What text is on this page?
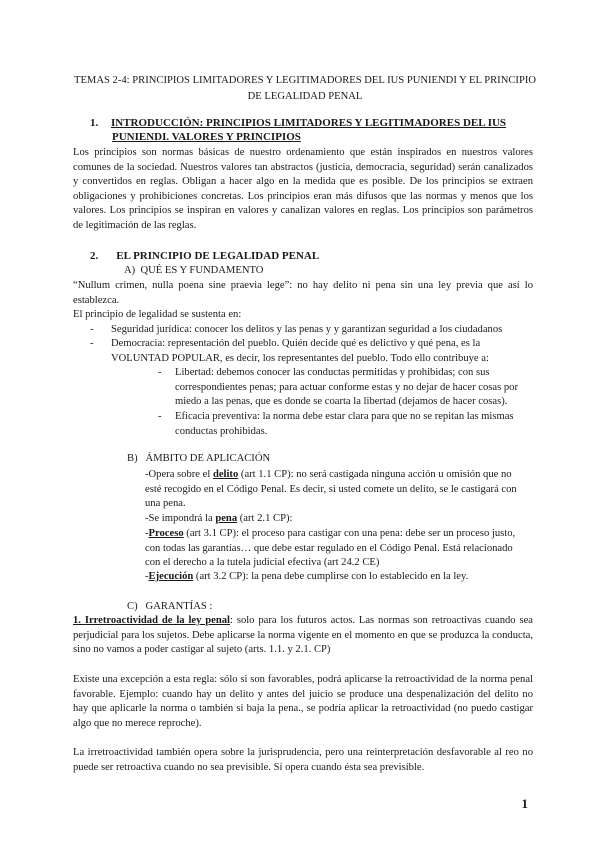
TEMAS 2-4: PRINCIPIOS LIMITADORES Y LEGITIMADORES DEL IUS PUNIENDI Y EL PRINCIPIO DE LEGALIDAD PENAL
1.	INTRODUCCIÓN: PRINCIPIOS LIMITADORES Y LEGITIMADORES DEL IUS PUNIENDI. VALORES Y PRINCIPIOS
Los principios son normas básicas de nuestro ordenamiento que están inspirados en nuestros valores comunes de la sociedad. Nuestros valores tan abstractos (justicia, democracia, seguridad) serán canalizados y convertidos en reglas. Obligan a hacer algo en la medida que es posible. De los principios se extraen obligaciones y prohibiciones concretas. Los principios eran más difusos que las normas y menos que los valores. Los principios se inspiran en valores y canalizan valores en reglas. Los principios son parámetros de legitimación de las reglas.
2. EL PRINCIPIO DE LEGALIDAD PENAL
A) QUÉ ES Y FUNDAMENTO
“Nullum crimen, nulla poena sine praevia lege”: no hay delito ni pena sin una ley previa que así lo establezca.
El principio de legalidad se sustenta en:
-	Seguridad jurídica: conocer los delitos y las penas y y garantizan seguridad a los ciudadanos
-	Democracia: representación del pueblo. Quién decide qué es delictivo y qué pena, es la VOLUNTAD POPULAR, es decir, los representantes del pueblo. Todo ello contribuye a:
-	Libertad: debemos conocer las conductas permitidas y prohibidas; con sus correspondientes penas; para actuar conforme estas y no dejar de hacer cosas por miedo a las penas, que es donde se coarta la libertad (dejamos de hacer cosas).
-	Eficacia preventiva: la norma debe estar clara para que no se repitan las mismas conductas prohibidas.
B) ÁMBITO DE APLICACIÓN
-Opera sobre el delito (art 1.1 CP): no será castigada ninguna acción u omisión que no esté recogido en el Código Penal. Es decir, si usted comete un delito, se le castigará con una pena.
-Se impondrá la pena (art 2.1 CP):
-Proceso (art 3.1 CP): el proceso para castigar con una pena: debe ser un proceso justo, con todas las garantías… que debe estar regulado en el Código Penal. Está relacionado con el derecho a la tutela judicial efectiva (art 24.2 CE)
-Ejecución (art 3.2 CP): la pena debe cumplirse con lo establecido en la ley.
C) GARANTÍAS :
1. Irretroactividad de la ley penal: solo para los futuros actos. Las normas son retroactivas cuando sea perjudicial para los sujetos. Debe aplicarse la norma vigente en el momento en que se produzca la conducta, sino no vamos a poder castigar al sujeto (arts. 1.1. y 2.1. CP)
Existe una excepción a esta regla: sólo si son favorables, podrá aplicarse la retroactividad de la norma penal favorable. Ejemplo: cuando hay un delito y antes del juicio se produce una despenalización del delito no hay que aplicarle la norma o también si baja la pena., se podría aplicar la retroactividad (no puedo castigar algo que no merece reproche).
La irretroactividad también opera sobre la jurisprudencia, pero una reinterpretación desfavorable al reo no puede ser retroactiva cuando no sea previsible. Sí opera cuando ésta sea previsible.
1
